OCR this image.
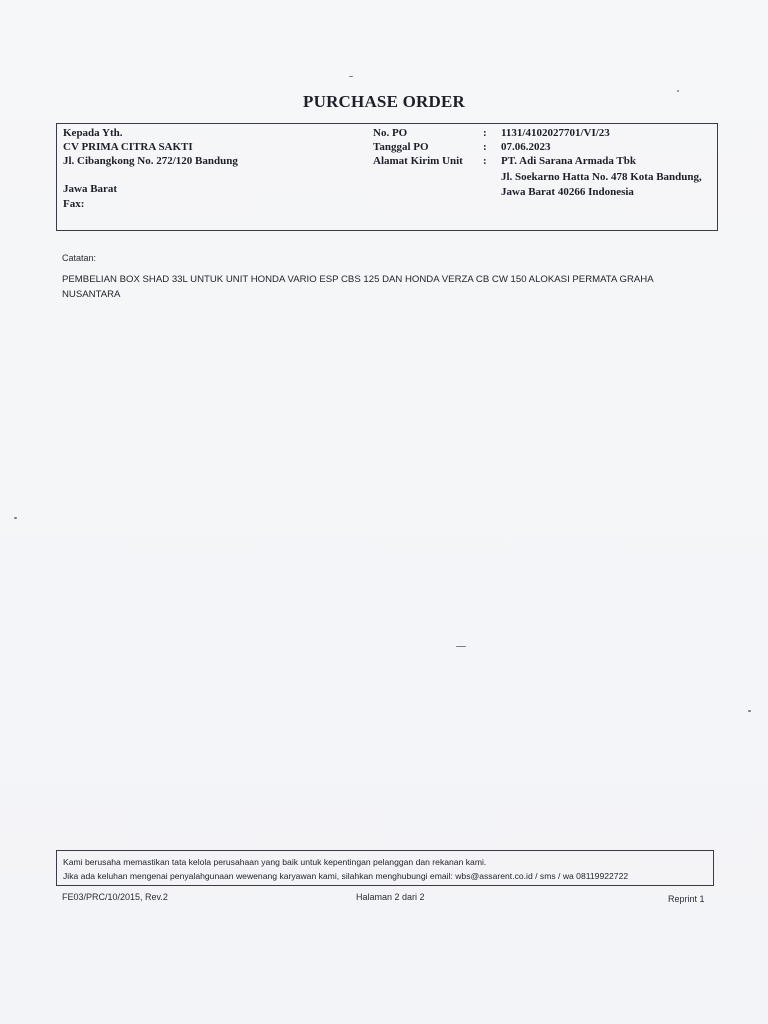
PURCHASE ORDER
Kepada Yth.
CV PRIMA CITRA SAKTI
Jl. Cibangkong No. 272/120 Bandung
Jawa Barat
Fax:
No. PO
Tanggal PO
Alamat Kirim Unit
:
:
:
1131/4102027701/VI/23
07.06.2023
PT. Adi Sarana Armada Tbk
Jl. Soekarno Hatta No. 478 Kota Bandung,
Jawa Barat 40266 Indonesia
Catatan:
PEMBELIAN BOX SHAD 33L UNTUK UNIT HONDA VARIO ESP CBS 125 DAN HONDA VERZA CB CW 150 ALOKASI PERMATA GRAHA NUSANTARA
Kami berusaha memastikan tata kelola perusahaan yang baik untuk kepentingan pelanggan dan rekanan kami.
Jika ada keluhan mengenai penyalahgunaan wewenang karyawan kami, silahkan menghubungi email: wbs@assarent.co.id / sms / wa 08119922722
FE03/PRC/10/2015, Rev.2	Halaman 2 dari 2	Reprint 1
